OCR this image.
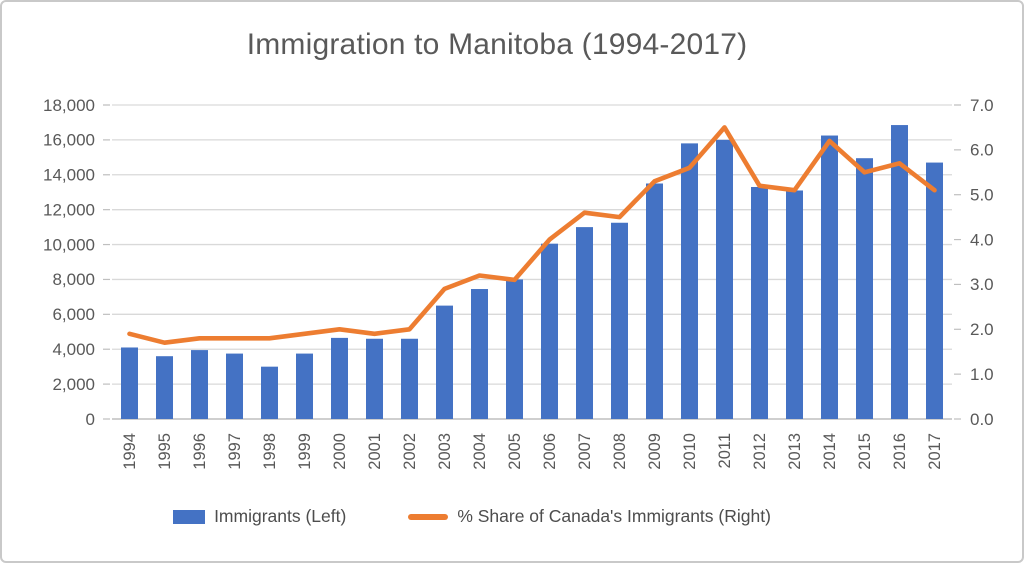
Immigration to Manitoba (1994-2017)
0
2,000
4,000
6,000
8,000
10,000
12,000
14,000
16,000
18,000
0.0
1.0
2.0
3.0
4.0
5.0
6.0
7.0
1994 1995 1996 1997 1998 1999 2000 2001 2002 2003 2004 2005 2006 2007 2008 2009 2010 2011 2012 2013 2014 2015 2016 2017
Immigrants (Left)	% Share of Canada's Immigrants (Right)
